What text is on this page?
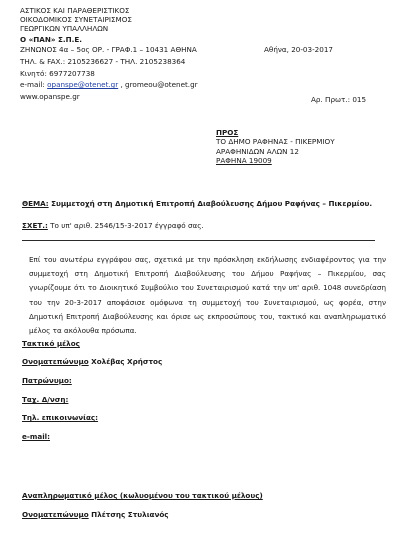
ΑΣΤΙΚΟΣ ΚΑΙ ΠΑΡΑΘΕΡΙΣΤΙΚΟΣ
ΟΙΚΟΔΟΜΙΚΟΣ ΣΥΝΕΤΑΙΡΙΣΜΟΣ
ΓΕΩΡΓΙΚΩΝ ΥΠΑΛΛΗΛΩΝ
Ο «ΠΑΝ» Σ.Π.Ε.
ΖΗΝΩΝΟΣ 4α – 5ος ΟΡ. - ΓΡΑΦ.1 – 10431 ΑΘΗΝΑ	Αθήνα, 20-03-2017
ΤΗΛ. & FAX.: 2105236627 - ΤΗΛ. 2105238364
Κινητό: 6977207738
e-mail: opanspe@otenet.gr , gromeou@otenet.gr
www.opanspe.gr	Αρ. Πρωτ.: 015
ΠΡΟΣ
ΤΟ ΔΗΜΟ ΡΑΦΗΝΑΣ - ΠΙΚΕΡΜΙΟΥ
ΑΡΑΦΗΝΙΔΩΝ ΑΛΩΝ 12
ΡΑΦΗΝΑ 19009
ΘΕΜΑ: Συμμετοχή στη Δημοτική Επιτροπή Διαβούλευσης Δήμου Ραφήνας – Πικερμίου.
ΣΧΕΤ.: Το υπ' αριθ. 2546/15-3-2017 έγγραφό σας.
Επί του ανωτέρω εγγράφου σας, σχετικά με την πρόσκληση εκδήλωσης ενδιαφέροντος για την συμμετοχή στη Δημοτική Επιτροπή Διαβούλευσης του Δήμου Ραφήνας – Πικερμίου, σας γνωρίζουμε ότι το Διοικητικό Συμβούλιο του Συνεταιρισμού κατά την υπ' αριθ. 1048 συνεδρίαση του την 20-3-2017 αποφάσισε ομόφωνα τη συμμετοχή του Συνεταιρισμού, ως φορέα, στην Δημοτική Επιτροπή Διαβούλευσης και όρισε ως εκπροσώπους του, τακτικό και αναπληρωματικό μέλος τα ακόλουθα πρόσωπα.
Τακτικό μέλος
Ονοματεπώνυμο Χολέβας Χρήστος
Πατρώνυμο:
Ταχ. Δ/νση:
Τηλ. επικοινωνίας:
e-mail:
Αναπληρωματικό μέλος (κωλυομένου του τακτικού μέλους)
Ονοματεπώνυμο Πλέτσης Στυλιανός
